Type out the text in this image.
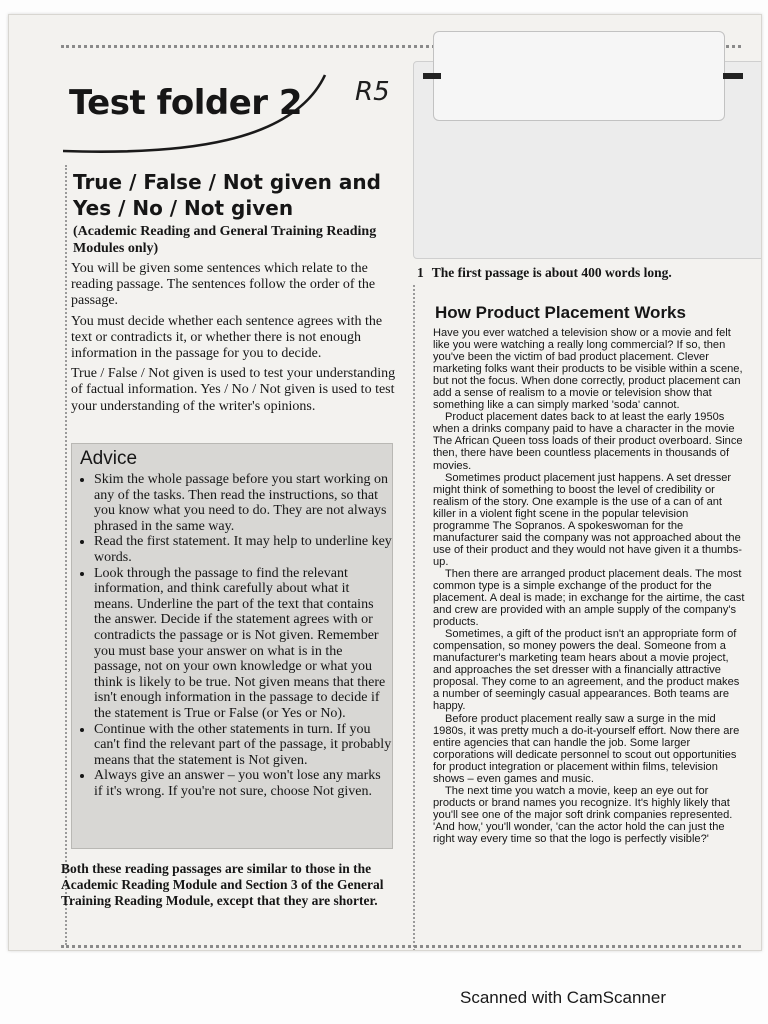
Test folder 2 R5
True / False / Not given and
Yes / No / Not given

(Academic Reading and General Training Reading Modules only)

You will be given some sentences which relate to the reading passage. The sentences follow the order of the passage.

You must decide whether each sentence agrees with the text or contradicts it, or whether there is not enough information in the passage for you to decide.

True / False / Not given is used to test your understanding of factual information. Yes / No / Not given is used to test your understanding of the writer's opinions.

Advice
• Skim the whole passage before you start working on any of the tasks. Then read the instructions, so that you know what you need to do. They are not always phrased in the same way.
• Read the first statement. It may help to underline key words.
• Look through the passage to find the relevant information, and think carefully about what it means. Underline the part of the text that contains the answer. Decide if the statement agrees with or contradicts the passage or is Not given. Remember you must base your answer on what is in the passage, not on your own knowledge or what you think is likely to be true. Not given means that there isn't enough information in the passage to decide if the statement is True or False (or Yes or No).
• Continue with the other statements in turn. If you can't find the relevant part of the passage, it probably means that the statement is Not given.
• Always give an answer – you won't lose any marks if it's wrong. If you're not sure, choose Not given.

Both these reading passages are similar to those in the Academic Reading Module and Section 3 of the General Training Reading Module, except that they are shorter.

1 The first passage is about 400 words long.

How Product Placement Works

Have you ever watched a television show or a movie and felt like you were watching a really long commercial? If so, then you've been the victim of bad product placement. Clever marketing folks want their products to be visible within a scene, but not the focus. When done correctly, product placement can add a sense of realism to a movie or television show that something like a can simply marked 'soda' cannot.

Product placement dates back to at least the early 1950s when a drinks company paid to have a character in the movie The African Queen toss loads of their product overboard. Since then, there have been countless placements in thousands of movies.

Sometimes product placement just happens. A set dresser might think of something to boost the level of credibility or realism of the story. One example is the use of a can of ant killer in a violent fight scene in the popular television programme The Sopranos. A spokeswoman for the manufacturer said the company was not approached about the use of their product and they would not have given it a thumbs-up.

Then there are arranged product placement deals. The most common type is a simple exchange of the product for the placement. A deal is made; in exchange for the airtime, the cast and crew are provided with an ample supply of the company's products.

Sometimes, a gift of the product isn't an appropriate form of compensation, so money powers the deal. Someone from a manufacturer's marketing team hears about a movie project, and approaches the set dresser with a financially attractive proposal. They come to an agreement, and the product makes a number of seemingly casual appearances. Both teams are happy.

Before product placement really saw a surge in the mid 1980s, it was pretty much a do-it-yourself effort. Now there are entire agencies that can handle the job. Some larger corporations will dedicate personnel to scout out opportunities for product integration or placement within films, television shows – even games and music.

The next time you watch a movie, keep an eye out for products or brand names you recognize. It's highly likely that you'll see one of the major soft drink companies represented. 'And how,' you'll wonder, 'can the actor hold the can just the right way every time so that the logo is perfectly visible?'

Scanned with CamScanner
